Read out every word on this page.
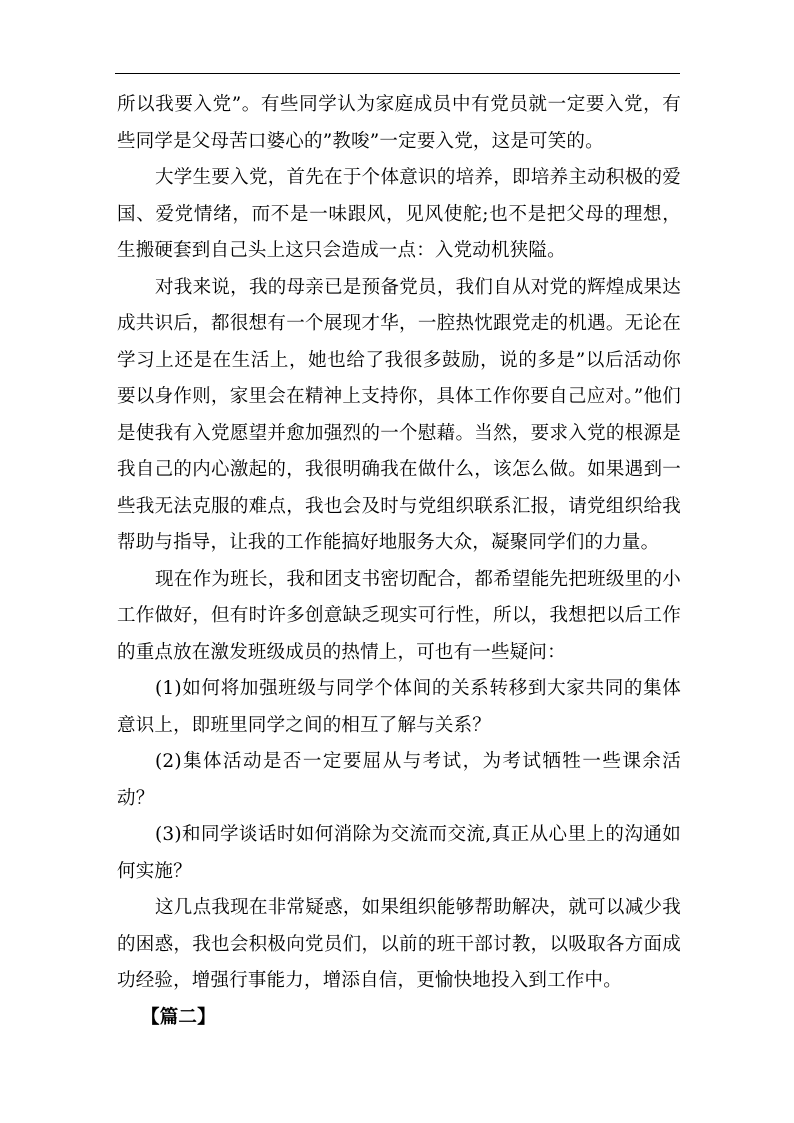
所以我要入党”。有些同学认为家庭成员中有党员就一定要入党，有些同学是父母苦口婆心的”教唆”一定要入党，这是可笑的。

大学生要入党，首先在于个体意识的培养，即培养主动积极的爱国、爱党情绪，而不是一味跟风，见风使舵;也不是把父母的理想，生搬硬套到自己头上这只会造成一点：入党动机狭隘。

对我来说，我的母亲已是预备党员，我们自从对党的辉煌成果达成共识后，都很想有一个展现才华，一腔热忱跟党走的机遇。无论在学习上还是在生活上，她也给了我很多鼓励，说的多是”以后活动你要以身作则，家里会在精神上支持你，具体工作你要自己应对。”他们是使我有入党愿望并愈加强烈的一个慰藉。当然，要求入党的根源是我自己的内心激起的，我很明确我在做什么，该怎么做。如果遇到一些我无法克服的难点，我也会及时与党组织联系汇报，请党组织给我帮助与指导，让我的工作能搞好地服务大众，凝聚同学们的力量。

现在作为班长，我和团支书密切配合，都希望能先把班级里的小工作做好，但有时许多创意缺乏现实可行性，所以，我想把以后工作的重点放在激发班级成员的热情上，可也有一些疑问：

(1)如何将加强班级与同学个体间的关系转移到大家共同的集体意识上，即班里同学之间的相互了解与关系？

(2)集体活动是否一定要屈从与考试，为考试牺牲一些课余活动？

(3)和同学谈话时如何消除为交流而交流,真正从心里上的沟通如何实施？

这几点我现在非常疑惑，如果组织能够帮助解决，就可以减少我的困惑，我也会积极向党员们，以前的班干部讨教，以吸取各方面成功经验，增强行事能力，增添自信，更愉快地投入到工作中。

【篇二】
